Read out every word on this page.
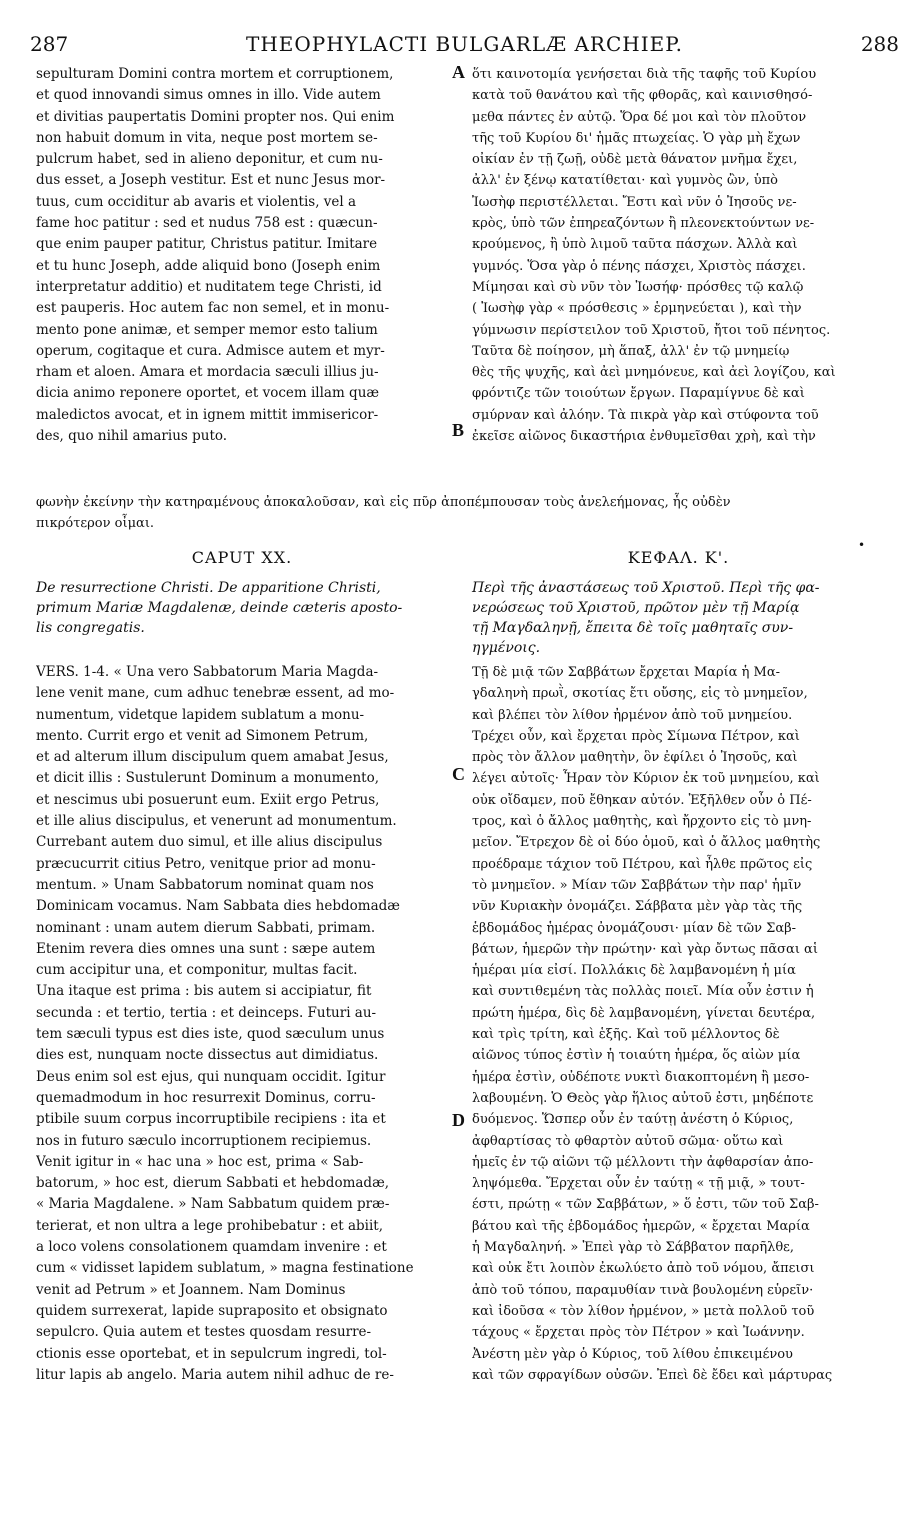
287	THEOPHYLACTI BULGARLÆ ARCHIEP.	288
sepulturam Domini contra mortem et corruptionem,
et quod innovandi simus omnes in illo. Vide autem
et divitias paupertatis Domini propter nos. Qui enim
non habuit domum in vita, neque post mortem se-
pulcrum habet, sed in alieno deponitur, et cum nu-
dus esset, a Joseph vestitur. Est et nunc Jesus mor-
tuus, cum occiditur ab avaris et violentis, vel a
fame hoc patitur : sed et nudus 758 est : quæcun-
que enim pauper patitur, Christus patitur. Imitare
et tu hunc Joseph, adde aliquid bono (Joseph enim
interpretatur additio) et nuditatem tege Christi, id
est pauperis. Hoc autem fac non semel, et in monu-
mento pone animæ, et semper memor esto talium
operum, cogitaque et cura. Admisce autem et myr-
rham et aloen. Amara et mordacia sæculi illius ju-
dicia animo reponere oportet, et vocem illam quæ
maledictos avocat, et in ignem mittit immisericor-
des, quo nihil amarius puto.
ὅτι καινοτομία γενήσεται διὰ τῆς ταφῆς τοῦ Κυρίου
κατὰ τοῦ θανάτου καὶ τῆς φθορᾶς, καὶ καινισθησό-
μεθα πάντες ἐν αὐτῷ. Ὅρα δέ μοι καὶ τὸν πλοῦτον
τῆς τοῦ Κυρίου δι' ἡμᾶς πτωχείας. Ὁ γὰρ μὴ ἔχων
οἰκίαν ἐν τῇ ζωῇ, οὐδὲ μετὰ θάνατον μνῆμα ἔχει,
ἀλλ' ἐν ξένῳ κατατίθεται· καὶ γυμνὸς ὢν, ὑπὸ
Ἰωσὴφ περιστέλλεται. Ἔστι καὶ νῦν ὁ Ἰησοῦς νε-
κρὸς, ὑπὸ τῶν ἐπηρεαζόντων ἢ πλεονεκτούντων νε-
κρούμενος, ἢ ὑπὸ λιμοῦ ταῦτα πάσχων. Ἀλλὰ καὶ
γυμνός. Ὅσα γὰρ ὁ πένης πάσχει, Χριστὸς πάσχει.
Μίμησαι καὶ σὺ νῦν τὸν Ἰωσήφ· πρόσθες τῷ καλῷ
( Ἰωσὴφ γὰρ « πρόσθεσις » ἑρμηνεύεται ), καὶ τὴν
γύμνωσιν περίστειλον τοῦ Χριστοῦ, ἤτοι τοῦ πένητος.
Ταῦτα δὲ ποίησον, μὴ ἅπαξ, ἀλλ' ἐν τῷ μνημείῳ
θὲς τῆς ψυχῆς, καὶ ἀεὶ μνημόνευε, καὶ ἀεὶ λογίζου, καὶ
φρόντιζε τῶν τοιούτων ἔργων. Παραμίγνυε δὲ καὶ
σμύρναν καὶ ἀλόην. Τὰ πικρὰ γὰρ καὶ στύφοντα τοῦ
ἐκεῖσε αἰῶνος δικαστήρια ἐνθυμεῖσθαι χρὴ, καὶ τὴν
A
B
φωνὴν ἐκείνην τὴν κατηραμένους ἀποκαλοῦσαν, καὶ εἰς πῦρ ἀποπέμπουσαν τοὺς ἀνελεήμονας, ἧς οὐδὲν
πικρότερον οἶμαι.
•
CAPUT XX.	ΚΕΦΑΛ. Κ'.
De resurrectione Christi. De apparitione Christi,
primum Mariæ Magdalenæ, deinde cæteris aposto-
lis congregatis.
Περὶ τῆς ἀναστάσεως τοῦ Χριστοῦ. Περὶ τῆς φα-
νερώσεως τοῦ Χριστοῦ, πρῶτον μὲν τῇ Μαρίᾳ
τῇ Μαγδαληνῇ, ἔπειτα δὲ τοῖς μαθηταῖς συν-
ηγμένοις.
VERS. 1-4. « Una vero Sabbatorum Maria Magda-
lene venit mane, cum adhuc tenebræ essent, ad mo-
numentum, videtque lapidem sublatum a monu-
mento. Currit ergo et venit ad Simonem Petrum,
et ad alterum illum discipulum quem amabat Jesus,
et dicit illis : Sustulerunt Dominum a monumento,
et nescimus ubi posuerunt eum. Exiit ergo Petrus,
et ille alius discipulus, et venerunt ad monumentum.
Currebant autem duo simul, et ille alius discipulus
præcucurrit citius Petro, venitque prior ad monu-
mentum. » Unam Sabbatorum nominat quam nos
Dominicam vocamus. Nam Sabbata dies hebdomadæ
nominant : unam autem dierum Sabbati, primam.
Etenim revera dies omnes una sunt : sæpe autem
cum accipitur una, et componitur, multas facit.
Una itaque est prima : bis autem si accipiatur, fit
secunda : et tertio, tertia : et deinceps. Futuri au-
tem sæculi typus est dies iste, quod sæculum unus
dies est, nunquam nocte dissectus aut dimidiatus.
Deus enim sol est ejus, qui nunquam occidit. Igitur
quemadmodum in hoc resurrexit Dominus, corru-
ptibile suum corpus incorruptibile recipiens : ita et
nos in futuro sæculo incorruptionem recipiemus.
Venit igitur in « hac una » hoc est, prima « Sab-
batorum, » hoc est, dierum Sabbati et hebdomadæ,
« Maria Magdalene. » Nam Sabbatum quidem præ-
terierat, et non ultra a lege prohibebatur : et abiit,
a loco volens consolationem quamdam invenire : et
cum « vidisset lapidem sublatum, » magna festinatione
venit ad Petrum » et Joannem. Nam Dominus
quidem surrexerat, lapide supraposito et obsignato
sepulcro. Quia autem et testes quosdam resurre-
ctionis esse oportebat, et in sepulcrum ingredi, tol-
litur lapis ab angelo. Maria autem nihil adhuc de re-
Τῇ δὲ μιᾷ τῶν Σαββάτων ἔρχεται Μαρία ἡ Μα-
γδαληνὴ πρωῒ, σκοτίας ἔτι οὔσης, εἰς τὸ μνημεῖον,
καὶ βλέπει τὸν λίθον ἠρμένον ἀπὸ τοῦ μνημείου.
Τρέχει οὖν, καὶ ἔρχεται πρὸς Σίμωνα Πέτρον, καὶ
πρὸς τὸν ἄλλον μαθητὴν, ὃν ἐφίλει ὁ Ἰησοῦς, καὶ
λέγει αὐτοῖς· Ἦραν τὸν Κύριον ἐκ τοῦ μνημείου, καὶ
οὐκ οἴδαμεν, ποῦ ἔθηκαν αὐτόν. Ἐξῆλθεν οὖν ὁ Πέ-
τρος, καὶ ὁ ἄλλος μαθητὴς, καὶ ἤρχοντο εἰς τὸ μνη-
μεῖον. Ἔτρεχον δὲ οἱ δύο ὁμοῦ, καὶ ὁ ἄλλος μαθητὴς
προέδραμε τάχιον τοῦ Πέτρου, καὶ ἦλθε πρῶτος εἰς
τὸ μνημεῖον. » Μίαν τῶν Σαββάτων τὴν παρ' ἡμῖν
νῦν Κυριακὴν ὀνομάζει. Σάββατα μὲν γὰρ τὰς τῆς
ἑβδομάδος ἡμέρας ὀνομάζουσι· μίαν δὲ τῶν Σαβ-
βάτων, ἡμερῶν τὴν πρώτην· καὶ γὰρ ὄντως πᾶσαι αἱ
ἡμέραι μία εἰσί. Πολλάκις δὲ λαμβανομένη ἡ μία
καὶ συντιθεμένη τὰς πολλὰς ποιεῖ. Μία οὖν ἐστιν ἡ
πρώτη ἡμέρα, δὶς δὲ λαμβανομένη, γίνεται δευτέρα,
καὶ τρὶς τρίτη, καὶ ἑξῆς. Καὶ τοῦ μέλλοντος δὲ
αἰῶνος τύπος ἐστὶν ἡ τοιαύτη ἡμέρα, ὅς αἰὼν μία
ἡμέρα ἐστὶν, οὐδέποτε νυκτὶ διακοπτομένη ἢ μεσο-
λαβουμένη. Ὁ Θεὸς γὰρ ἥλιος αὐτοῦ ἐστι, μηδέποτε
δυόμενος. Ὥσπερ οὖν ἐν ταύτῃ ἀνέστη ὁ Κύριος,
ἀφθαρτίσας τὸ φθαρτὸν αὐτοῦ σῶμα· οὕτω καὶ
ἡμεῖς ἐν τῷ αἰῶνι τῷ μέλλοντι τὴν ἀφθαρσίαν ἀπο-
ληψόμεθα. Ἔρχεται οὖν ἐν ταύτῃ « τῇ μιᾷ, » τουτ-
έστι, πρώτῃ « τῶν Σαββάτων, » ὅ ἐστι, τῶν τοῦ Σαβ-
βάτου καὶ τῆς ἑβδομάδος ἡμερῶν, « ἔρχεται Μαρία
ἡ Μαγδαληνή. » Ἐπεὶ γὰρ τὸ Σάββατον παρῆλθε,
καὶ οὐκ ἔτι λοιπὸν ἐκωλύετο ἀπὸ τοῦ νόμου, ἄπεισι
ἀπὸ τοῦ τόπου, παραμυθίαν τινὰ βουλομένη εὑρεῖν·
καὶ ἰδοῦσα « τὸν λίθον ἠρμένον, » μετὰ πολλοῦ τοῦ
τάχους « ἔρχεται πρὸς τὸν Πέτρον » καὶ Ἰωάννην.
Ἀνέστη μὲν γὰρ ὁ Κύριος, τοῦ λίθου ἐπικειμένου
καὶ τῶν σφραγίδων οὐσῶν. Ἐπεὶ δὲ ἔδει καὶ μάρτυρας
C
D
